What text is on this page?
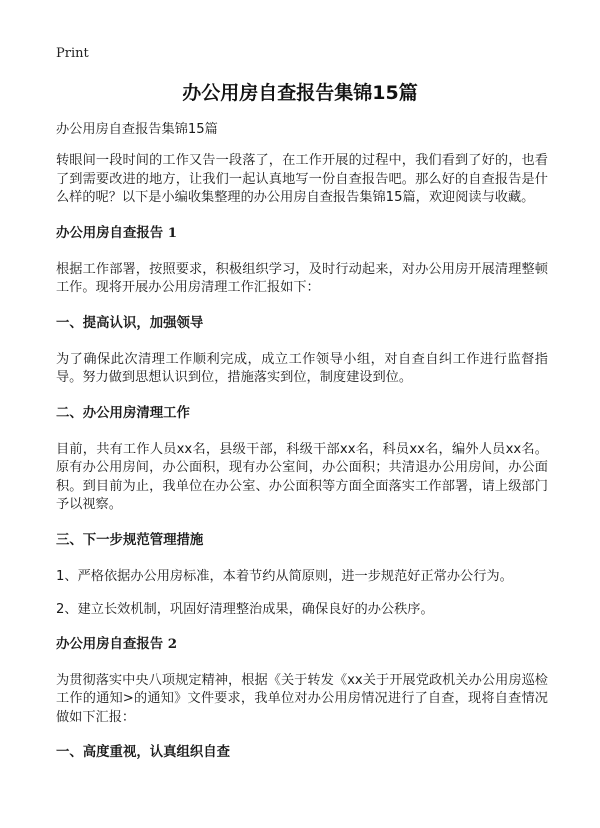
Print
办公用房自查报告集锦15篇
办公用房自查报告集锦15篇

转眼间一段时间的工作又告一段落了，在工作开展的过程中，我们看到了好的，也看了到需要改进的地方，让我们一起认真地写一份自查报告吧。那么好的自查报告是什么样的呢？以下是小编收集整理的办公用房自查报告集锦15篇，欢迎阅读与收藏。

办公用房自查报告 1

根据工作部署，按照要求，积极组织学习，及时行动起来，对办公用房开展清理整顿工作。现将开展办公用房清理工作汇报如下：

一、提高认识，加强领导

为了确保此次清理工作顺利完成，成立工作领导小组，对自查自纠工作进行监督指导。努力做到思想认识到位，措施落实到位，制度建设到位。

二、办公用房清理工作

目前，共有工作人员xx名，县级干部，科级干部xx名，科员xx名，编外人员xx名。原有办公用房间，办公面积，现有办公室间，办公面积；共清退办公用房间，办公面积。到目前为止，我单位在办公室、办公面积等方面全面落实工作部署，请上级部门予以视察。

三、下一步规范管理措施

1、严格依据办公用房标准，本着节约从简原则，进一步规范好正常办公行为。

2、建立长效机制，巩固好清理整治成果，确保良好的办公秩序。

办公用房自查报告 2

为贯彻落实中央八项规定精神，根据《关于转发《xx关于开展党政机关办公用房巡检工作的通知>的通知》文件要求，我单位对办公用房情况进行了自查，现将自查情况做如下汇报：

一、高度重视，认真组织自查
